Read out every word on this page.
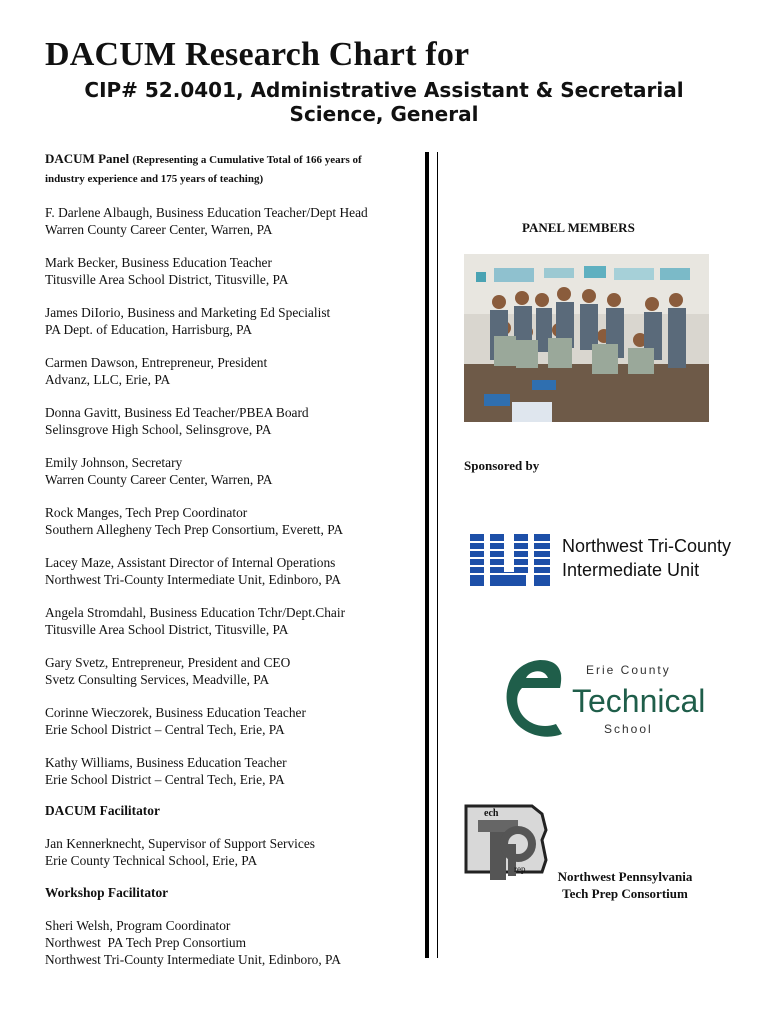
DACUM Research Chart for
CIP# 52.0401, Administrative Assistant & Secretarial
Science, General
DACUM Panel (Representing a Cumulative Total of 166 years of
industry experience and 175 years of teaching)
F. Darlene Albaugh, Business Education Teacher/Dept Head
Warren County Career Center, Warren, PA
Mark Becker, Business Education Teacher
Titusville Area School District, Titusville, PA
James DiIorio, Business and Marketing Ed Specialist
PA Dept. of Education, Harrisburg, PA
Carmen Dawson, Entrepreneur, President
Advanz, LLC, Erie, PA
Donna Gavitt, Business Ed Teacher/PBEA Board
Selinsgrove High School, Selinsgrove, PA
Emily Johnson, Secretary
Warren County Career Center, Warren, PA
Rock Manges, Tech Prep Coordinator
Southern Allegheny Tech Prep Consortium, Everett, PA
Lacey Maze, Assistant Director of Internal Operations
Northwest Tri-County Intermediate Unit, Edinboro, PA
Angela Stromdahl, Business Education Tchr/Dept.Chair
Titusville Area School District, Titusville, PA
Gary Svetz, Entrepreneur, President and CEO
Svetz Consulting Services, Meadville, PA
Corinne Wieczorek, Business Education Teacher
Erie School District – Central Tech, Erie, PA
Kathy Williams, Business Education Teacher
Erie School District – Central Tech, Erie, PA
DACUM Facilitator
Jan Kennerknecht, Supervisor of Support Services
Erie County Technical School, Erie, PA
Workshop Facilitator
Sheri Welsh, Program Coordinator
Northwest  PA Tech Prep Consortium
Northwest Tri-County Intermediate Unit, Edinboro, PA
PANEL MEMBERS
Sponsored by
Northwest Tri-County
Intermediate Unit
Erie County
Technical
School
ech
rep	Northwest Pennsylvania
Tech Prep Consortium
